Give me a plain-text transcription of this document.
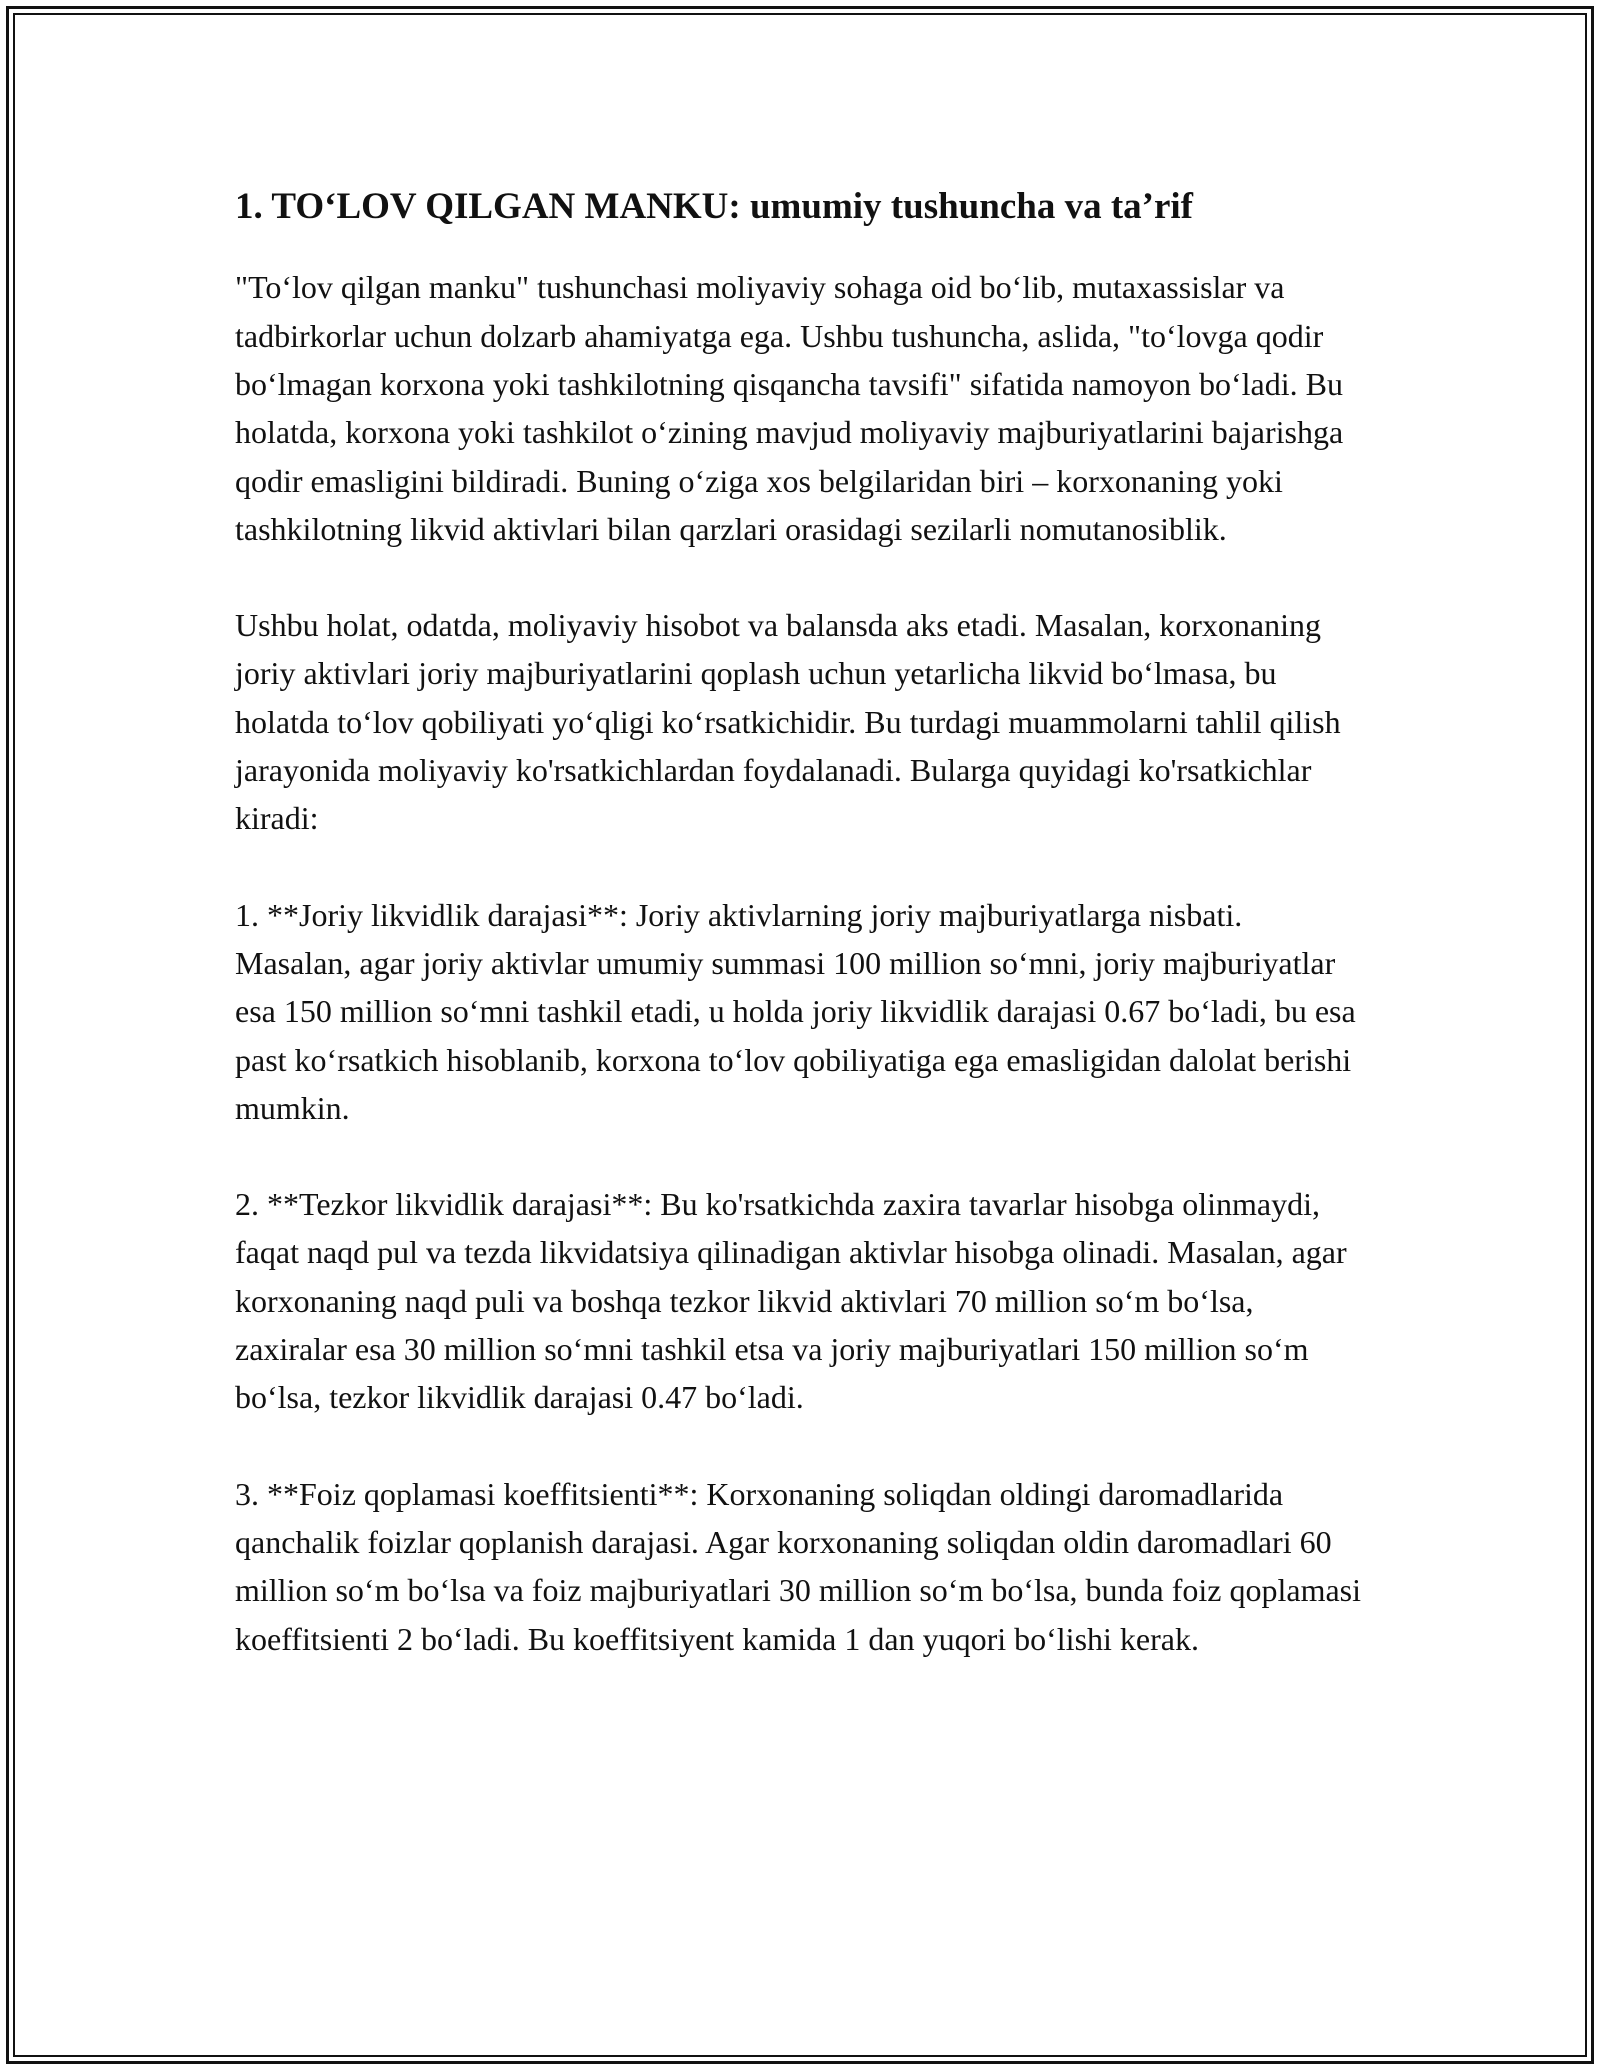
1. TO‘LOV QILGAN MANKU: umumiy tushuncha va ta’rif

"To‘lov qilgan manku" tushunchasi moliyaviy sohaga oid bo‘lib, mutaxassislar va tadbirkorlar uchun dolzarb ahamiyatga ega. Ushbu tushuncha, aslida, "to‘lovga qodir bo‘lmagan korxona yoki tashkilotning qisqancha tavsifi" sifatida namoyon bo‘ladi. Bu holatda, korxona yoki tashkilot o‘zining mavjud moliyaviy majburiyatlarini bajarishga qodir emasligini bildiradi. Buning o‘ziga xos belgilaridan biri – korxonaning yoki tashkilotning likvid aktivlari bilan qarzlari orasidagi sezilarli nomutanosiblik.

Ushbu holat, odatda, moliyaviy hisobot va balansda aks etadi. Masalan, korxonaning joriy aktivlari joriy majburiyatlarini qoplash uchun yetarlicha likvid bo‘lmasa, bu holatda to‘lov qobiliyati yo‘qligi ko‘rsatkichidir. Bu turdagi muammolarni tahlil qilish jarayonida moliyaviy ko'rsatkichlardan foydalanadi. Bularga quyidagi ko'rsatkichlar kiradi:

1. **Joriy likvidlik darajasi**: Joriy aktivlarning joriy majburiyatlarga nisbati. Masalan, agar joriy aktivlar umumiy summasi 100 million so‘mni, joriy majburiyatlar esa 150 million so‘mni tashkil etadi, u holda joriy likvidlik darajasi 0.67 bo‘ladi, bu esa past ko‘rsatkich hisoblanib, korxona to‘lov qobiliyatiga ega emasligidan dalolat berishi mumkin.

2. **Tezkor likvidlik darajasi**: Bu ko'rsatkichda zaxira tavarlar hisobga olinmaydi, faqat naqd pul va tezda likvidatsiya qilinadigan aktivlar hisobga olinadi. Masalan, agar korxonaning naqd puli va boshqa tezkor likvid aktivlari 70 million so‘m bo‘lsa, zaxiralar esa 30 million so‘mni tashkil etsa va joriy majburiyatlari 150 million so‘m bo‘lsa, tezkor likvidlik darajasi 0.47 bo‘ladi.

3. **Foiz qoplamasi koeffitsienti**: Korxonaning soliqdan oldingi daromadlarida qanchalik foizlar qoplanish darajasi. Agar korxonaning soliqdan oldin daromadlari 60 million so‘m bo‘lsa va foiz majburiyatlari 30 million so‘m bo‘lsa, bunda foiz qoplamasi koeffitsienti 2 bo‘ladi. Bu koeffitsiyent kamida 1 dan yuqori bo‘lishi kerak.
